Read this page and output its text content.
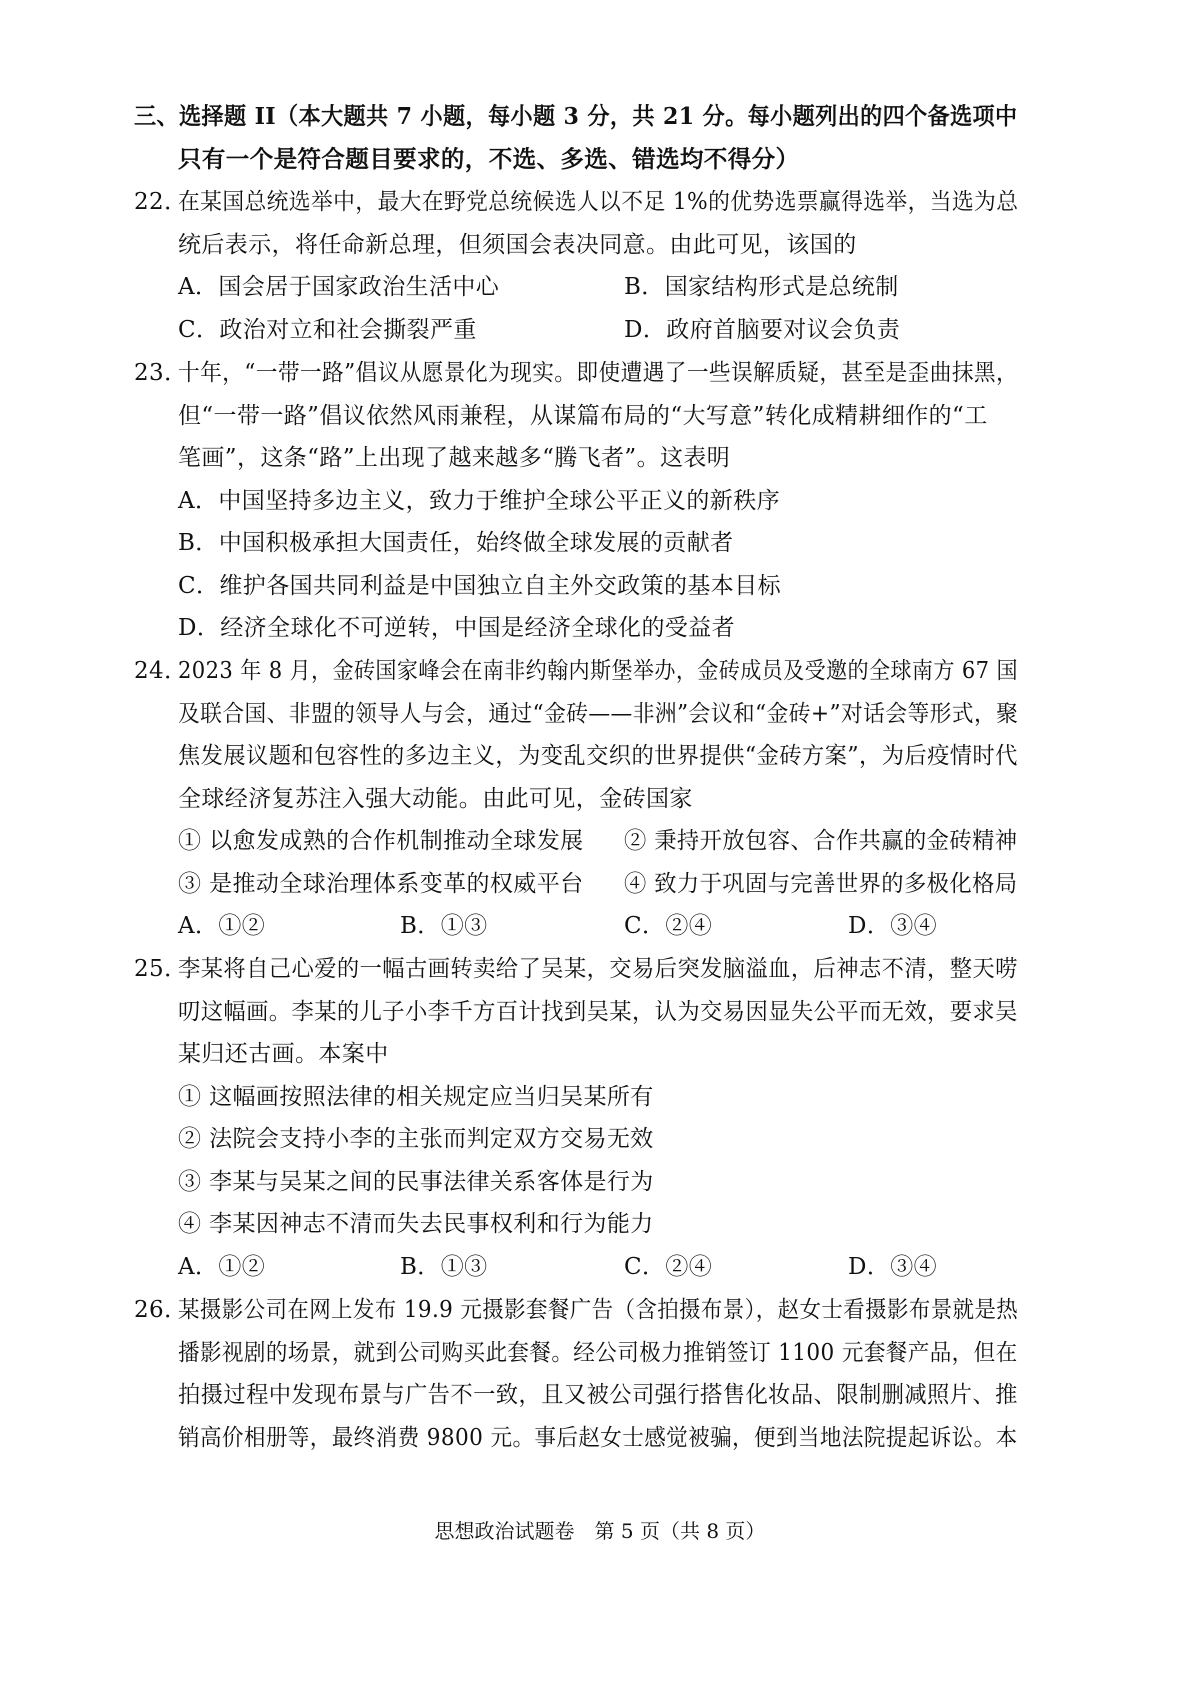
三、选择题 II（本大题共 7 小题，每小题 3 分，共 21 分。每小题列出的四个备选项中
只有一个是符合题目要求的，不选、多选、错选均不得分）
22．
在某国总统选举中，最大在野党总统候选人以不足 1%的优势选票赢得选举，当选为总
统后表示，将任命新总理，但须国会表决同意。由此可见，该国的
A．国会居于国家政治生活中心	B．国家结构形式是总统制
C．政治对立和社会撕裂严重	D．政府首脑要对议会负责
23．
十年，“一带一路”倡议从愿景化为现实。即使遭遇了一些误解质疑，甚至是歪曲抹黑，
但“一带一路”倡议依然风雨兼程，从谋篇布局的“大写意”转化成精耕细作的“工
笔画”，这条“路”上出现了越来越多“腾飞者”。这表明
A．中国坚持多边主义，致力于维护全球公平正义的新秩序
B．中国积极承担大国责任，始终做全球发展的贡献者
C．维护各国共同利益是中国独立自主外交政策的基本目标
D．经济全球化不可逆转，中国是经济全球化的受益者
24．
2023 年 8 月，金砖国家峰会在南非约翰内斯堡举办，金砖成员及受邀的全球南方 67 国
及联合国、非盟的领导人与会，通过“金砖——非洲”会议和“金砖+”对话会等形式，聚
焦发展议题和包容性的多边主义，为变乱交织的世界提供“金砖方案”，为后疫情时代
全球经济复苏注入强大动能。由此可见，金砖国家
① 以愈发成熟的合作机制推动全球发展 ② 秉持开放包容、合作共赢的金砖精神
③ 是推动全球治理体系变革的权威平台 ④ 致力于巩固与完善世界的多极化格局
A．①②	B．①③	C．②④	D．③④
25．
李某将自己心爱的一幅古画转卖给了吴某，交易后突发脑溢血，后神志不清，整天唠
叨这幅画。李某的儿子小李千方百计找到吴某，认为交易因显失公平而无效，要求吴
某归还古画。本案中
① 这幅画按照法律的相关规定应当归吴某所有
② 法院会支持小李的主张而判定双方交易无效
③ 李某与吴某之间的民事法律关系客体是行为
④ 李某因神志不清而失去民事权利和行为能力
A．①②	B．①③	C．②④	D．③④
26．
某摄影公司在网上发布 19.9 元摄影套餐广告（含拍摄布景），赵女士看摄影布景就是热
播影视剧的场景，就到公司购买此套餐。经公司极力推销签订 1100 元套餐产品，但在
拍摄过程中发现布景与广告不一致，且又被公司强行搭售化妆品、限制删减照片、推
销高价相册等，最终消费 9800 元。事后赵女士感觉被骗，便到当地法院提起诉讼。本
思想政治试题卷　第 5 页（共 8 页）
